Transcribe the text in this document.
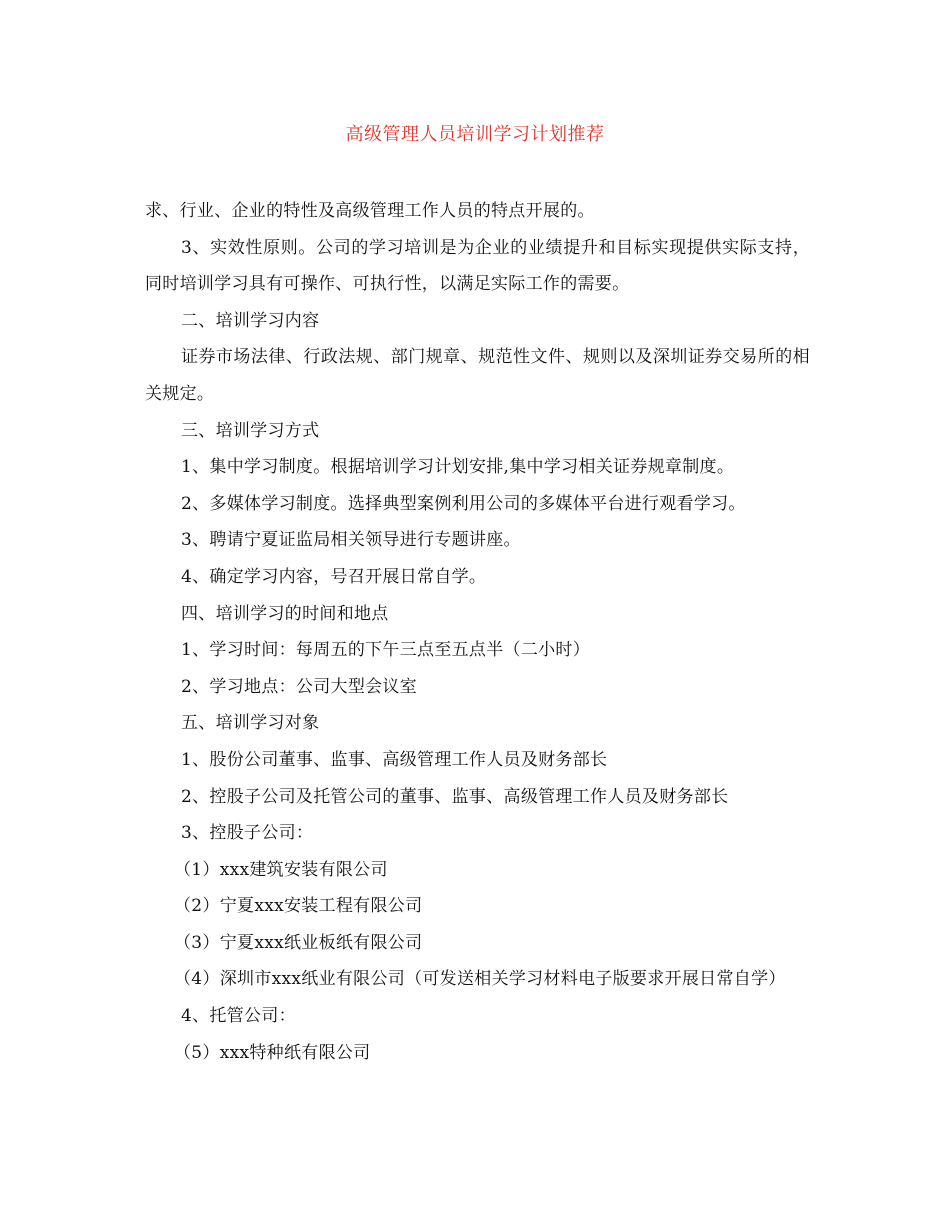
高级管理人员培训学习计划推荐

求、行业、企业的特性及高级管理工作人员的特点开展的。

3、实效性原则。公司的学习培训是为企业的业绩提升和目标实现提供实际支持，同时培训学习具有可操作、可执行性，以满足实际工作的需要。

二、培训学习内容

证券市场法律、行政法规、部门规章、规范性文件、规则以及深圳证券交易所的相关规定。

三、培训学习方式

1、集中学习制度。根据培训学习计划安排,集中学习相关证券规章制度。

2、多媒体学习制度。选择典型案例利用公司的多媒体平台进行观看学习。

3、聘请宁夏证监局相关领导进行专题讲座。

4、确定学习内容，号召开展日常自学。

四、培训学习的时间和地点

1、学习时间：每周五的下午三点至五点半（二小时）

2、学习地点：公司大型会议室

五、培训学习对象

1、股份公司董事、监事、高级管理工作人员及财务部长

2、控股子公司及托管公司的董事、监事、高级管理工作人员及财务部长

3、控股子公司：

（1）xxx建筑安装有限公司

（2）宁夏xxx安装工程有限公司

（3）宁夏xxx纸业板纸有限公司

（4）深圳市xxx纸业有限公司（可发送相关学习材料电子版要求开展日常自学）

4、托管公司：

（5）xxx特种纸有限公司
